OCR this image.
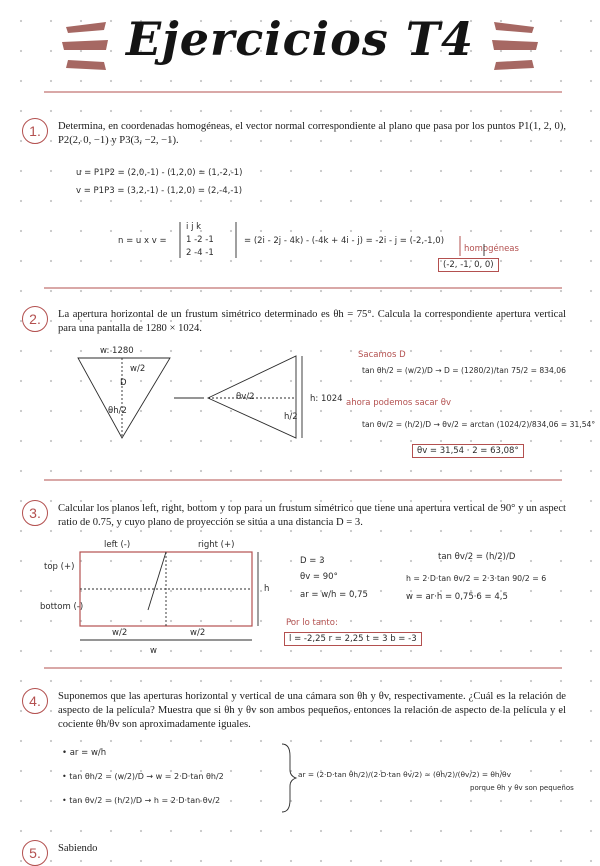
Ejercicios T4
1.	Determina, en coordenadas homogéneas, el vector normal correspondiente al plano que pasa por los puntos P1(1, 2, 0), P2(2, 0, −1) y P3(3, −2, −1).
u = P1P2 = (2,0,-1) - (1,2,0) = (1,-2,-1)
v = P1P3 = (3,2,-1) - (1,2,0) = (2,-4,-1)
n = u x v =
i j k
1 -2 -1
2 -4 -1
= (2i - 2j - 4k) - (-4k + 4i - j) = -2i - j = (-2,-1,0)
homogéneas
(-2, -1, 0, 0)
2.	La apertura horizontal de un frustum simétrico determinado es θh = 75°. Calcula la correspondiente apertura vertical para una pantalla de 1280 × 1024.
w: 1280
w/2
D
θh/2
θv/2
h/2
h: 1024
Sacamos D
tan θh/2 = (w/2)/D → D = (1280/2)/tan 75/2 = 834,06
ahora podemos sacar θv
tan θv/2 = (h/2)/D → θv/2 = arctan (1024/2)/834,06 = 31,54°
θv = 31,54 · 2 = 63,08°
3.	Calcular los planos left, right, bottom y top para un frustum simétrico que tiene una apertura vertical de 90° y un aspect ratio de 0.75, y cuyo plano de proyección se sitúa a una distancia D = 3.
left (-)	right (+)
top (+)
bottom (-)
h
w/2	w/2
w
D = 3
θv = 90°
ar = w/h = 0,75
tan θv/2 = (h/2)/D
h = 2·D·tan θv/2 = 2·3·tan 90/2 = 6
w = ar·h = 0,75·6 = 4,5
Por lo tanto:
l = -2,25 r = 2,25 t = 3 b = -3
4.	Suponemos que las aperturas horizontal y vertical de una cámara son θh y θv, respectivamente. ¿Cuál es la relación de aspecto de la película? Muestra que si θh y θv son ambos pequeños, entonces la relación de aspecto de la película y el cociente θh/θv son aproximadamente iguales.
• ar = w/h
• tan θh/2 = (w/2)/D → w = 2·D·tan θh/2
• tan θv/2 = (h/2)/D → h = 2·D·tan θv/2
ar = (2·D·tan θh/2)/(2·D·tan θv/2) ≈ (θh/2)/(θv/2) = θh/θv
porque θh y θv son pequeños
5.	Sabiendo
